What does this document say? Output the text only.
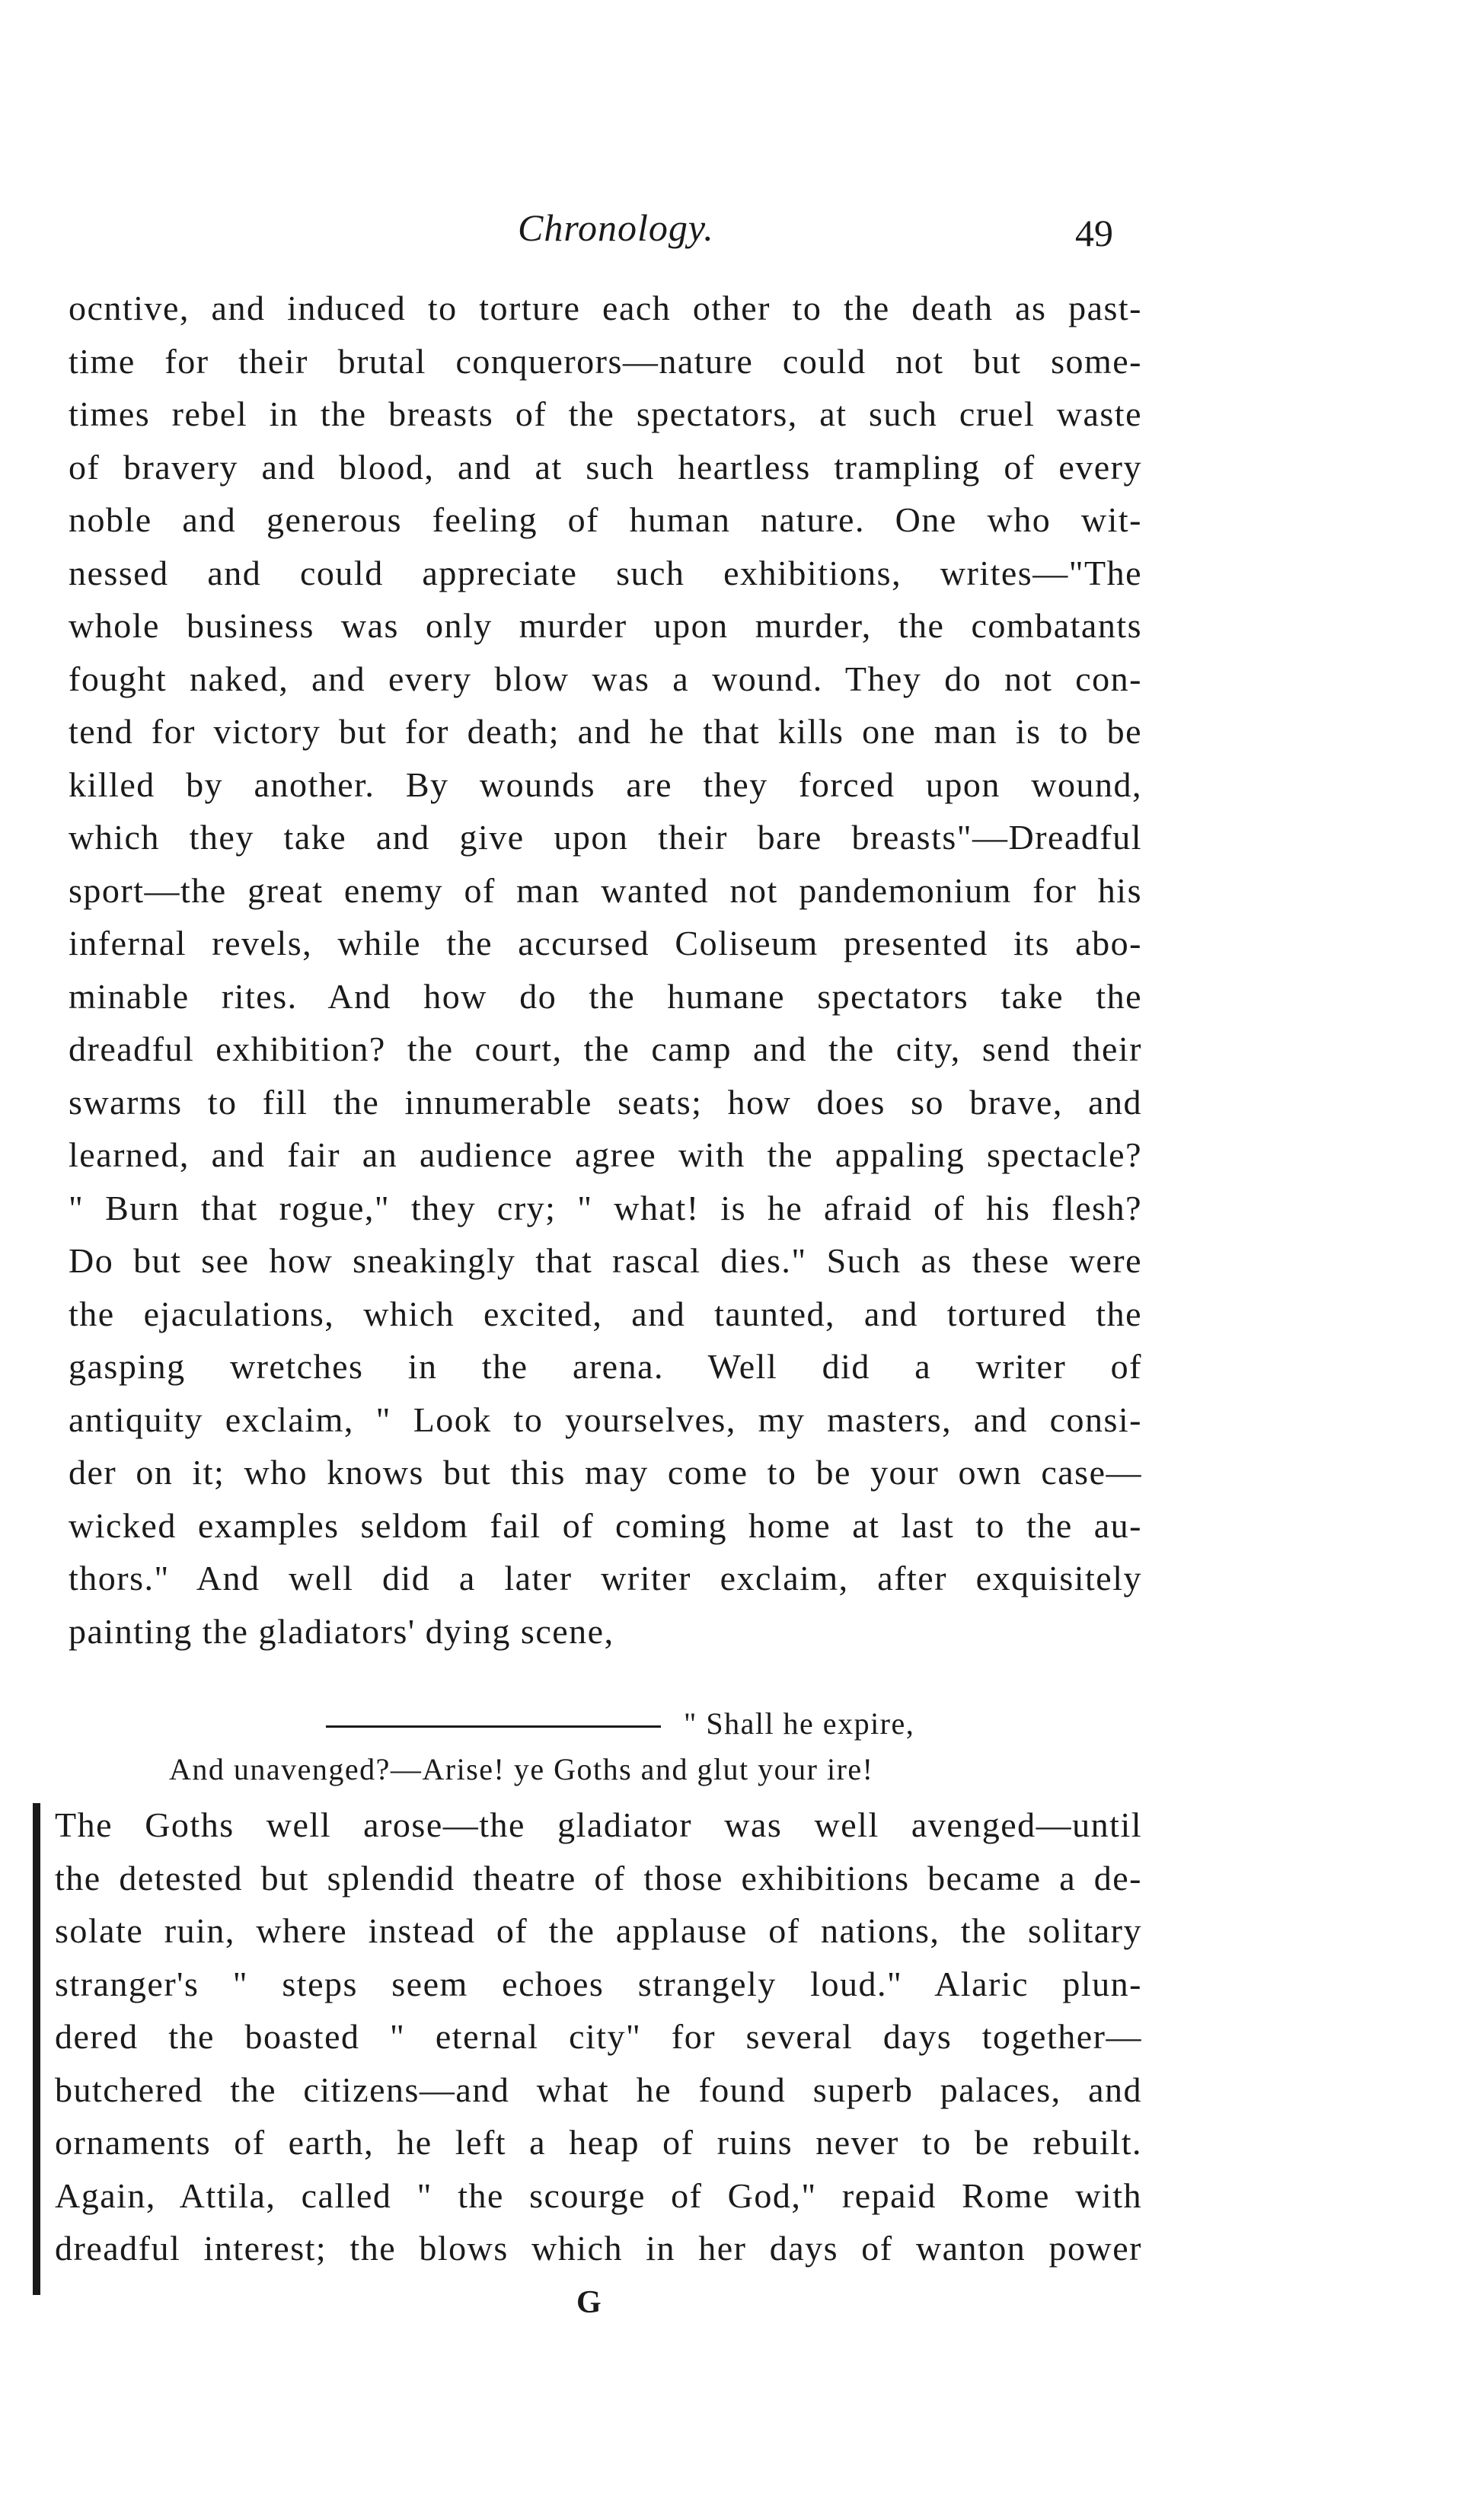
Chronology.	49
ocntive, and induced to torture each other to the death as past-
time for their brutal conquerors—nature could not but some-
times rebel in the breasts of the spectators, at such cruel waste
of bravery and blood, and at such heartless trampling of every
noble and generous feeling of human nature. One who wit-
nessed and could appreciate such exhibitions, writes—"The
whole business was only murder upon murder, the combatants
fought naked, and every blow was a wound. They do not con-
tend for victory but for death; and he that kills one man is to be
killed by another. By wounds are they forced upon wound,
which they take and give upon their bare breasts"—Dreadful
sport—the great enemy of man wanted not pandemonium for his
infernal revels, while the accursed Coliseum presented its abo-
minable rites. And how do the humane spectators take the
dreadful exhibition? the court, the camp and the city, send their
swarms to fill the innumerable seats; how does so brave, and
learned, and fair an audience agree with the appaling spectacle?
" Burn that rogue," they cry; " what! is he afraid of his flesh?
Do but see how sneakingly that rascal dies." Such as these were
the ejaculations, which excited, and taunted, and tortured the
gasping wretches in the arena. Well did a writer of
antiquity exclaim, " Look to yourselves, my masters, and consi-
der on it; who knows but this may come to be your own case—
wicked examples seldom fail of coming home at last to the au-
thors." And well did a later writer exclaim, after exquisitely
painting the gladiators' dying scene,
" Shall he expire,
And unavenged?—Arise! ye Goths and glut your ire!
The Goths well arose—the gladiator was well avenged—until
the detested but splendid theatre of those exhibitions became a de-
solate ruin, where instead of the applause of nations, the solitary
stranger's " steps seem echoes strangely loud." Alaric plun-
dered the boasted " eternal city" for several days together—
butchered the citizens—and what he found superb palaces, and
ornaments of earth, he left a heap of ruins never to be rebuilt.
Again, Attila, called " the scourge of God," repaid Rome with
dreadful interest; the blows which in her days of wanton power
G
